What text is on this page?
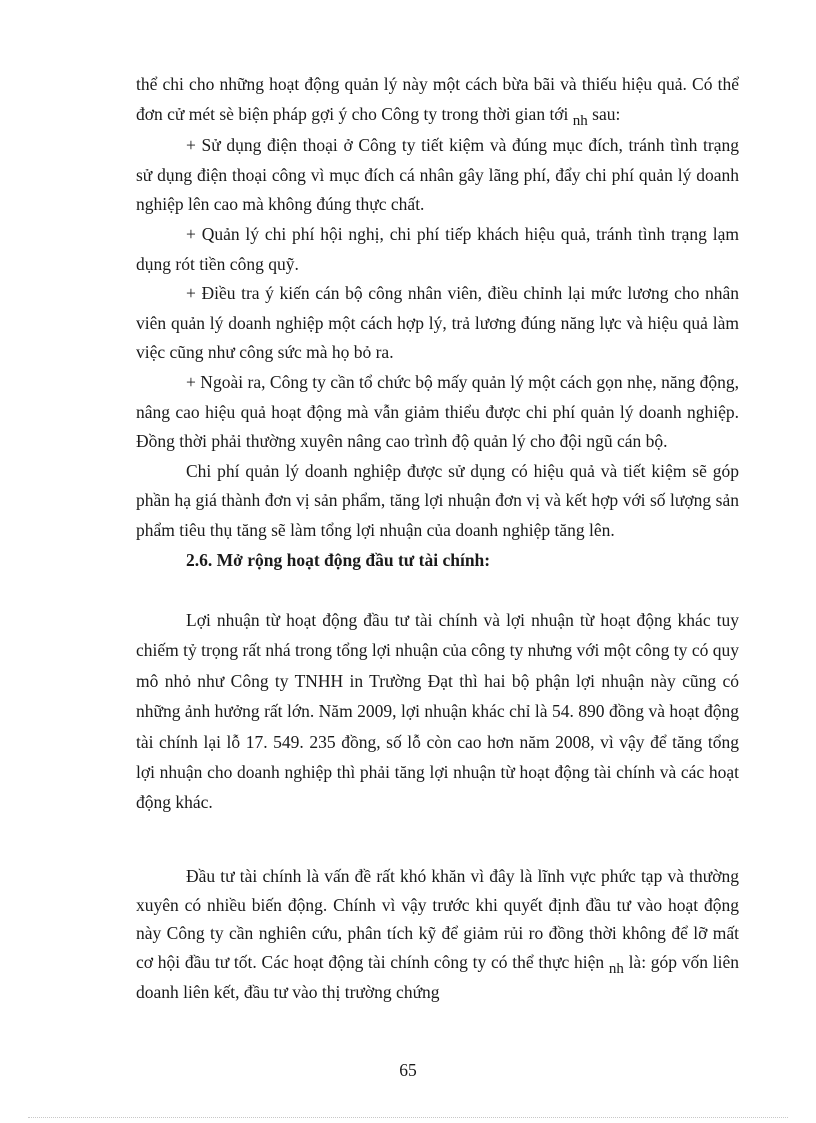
thể chi cho những hoạt động quản lý này một cách bừa bãi và thiếu hiệu quả. Có thể đơn cử mét sè biện pháp gợi ý cho Công ty trong thời gian tới nh sau:

+ Sử dụng điện thoại ở Công ty tiết kiệm và đúng mục đích, tránh tình trạng sử dụng điện thoại công vì mục đích cá nhân gây lãng phí, đẩy chi phí quản lý doanh nghiệp lên cao mà không đúng thực chất.

+ Quản lý chi phí hội nghị, chi phí tiếp khách hiệu quả, tránh tình trạng lạm dụng rót tiền công quỹ.

+ Điều tra ý kiến cán bộ công nhân viên, điều chỉnh lại mức lương cho nhân viên quản lý doanh nghiệp một cách hợp lý, trả lương đúng năng lực và hiệu quả làm việc cũng như công sức mà họ bỏ ra.

+ Ngoài ra, Công ty cần tổ chức bộ mấy quản lý một cách gọn nhẹ, năng động, nâng cao hiệu quả hoạt động mà vẫn giảm thiểu được chi phí quản lý doanh nghiệp. Đồng thời phải thường xuyên nâng cao trình độ quản lý cho đội ngũ cán bộ.

Chi phí quản lý doanh nghiệp được sử dụng có hiệu quả và tiết kiệm sẽ góp phần hạ giá thành đơn vị sản phẩm, tăng lợi nhuận đơn vị và kết hợp với số lượng sản phẩm tiêu thụ tăng sẽ làm tổng lợi nhuận của doanh nghiệp tăng lên.

2.6. Mở rộng hoạt động đầu tư tài chính:

Lợi nhuận từ hoạt động đầu tư tài chính và lợi nhuận từ hoạt động khác tuy chiếm tỷ trọng rất nhá trong tổng lợi nhuận của công ty nhưng với một công ty có quy mô nhỏ như Công ty TNHH in Trường Đạt thì hai bộ phận lợi nhuận này cũng có những ảnh hưởng rất lớn. Năm 2009, lợi nhuận khác chỉ là 54. 890 đồng và hoạt động tài chính lại lỗ 17. 549. 235 đồng, số lỗ còn cao hơn năm 2008, vì vậy để tăng tổng lợi nhuận cho doanh nghiệp thì phải tăng lợi nhuận từ hoạt động tài chính và các hoạt động khác.

Đầu tư tài chính là vấn đề rất khó khăn vì đây là lĩnh vực phức tạp và thường xuyên có nhiều biến động. Chính vì vậy trước khi quyết định đầu tư vào hoạt động này Công ty cần nghiên cứu, phân tích kỹ để giảm rủi ro đồng thời không để lỡ mất cơ hội đầu tư tốt. Các hoạt động tài chính công ty có thể thực hiện nh là: góp vốn liên doanh liên kết, đầu tư vào thị trường chứng

65
